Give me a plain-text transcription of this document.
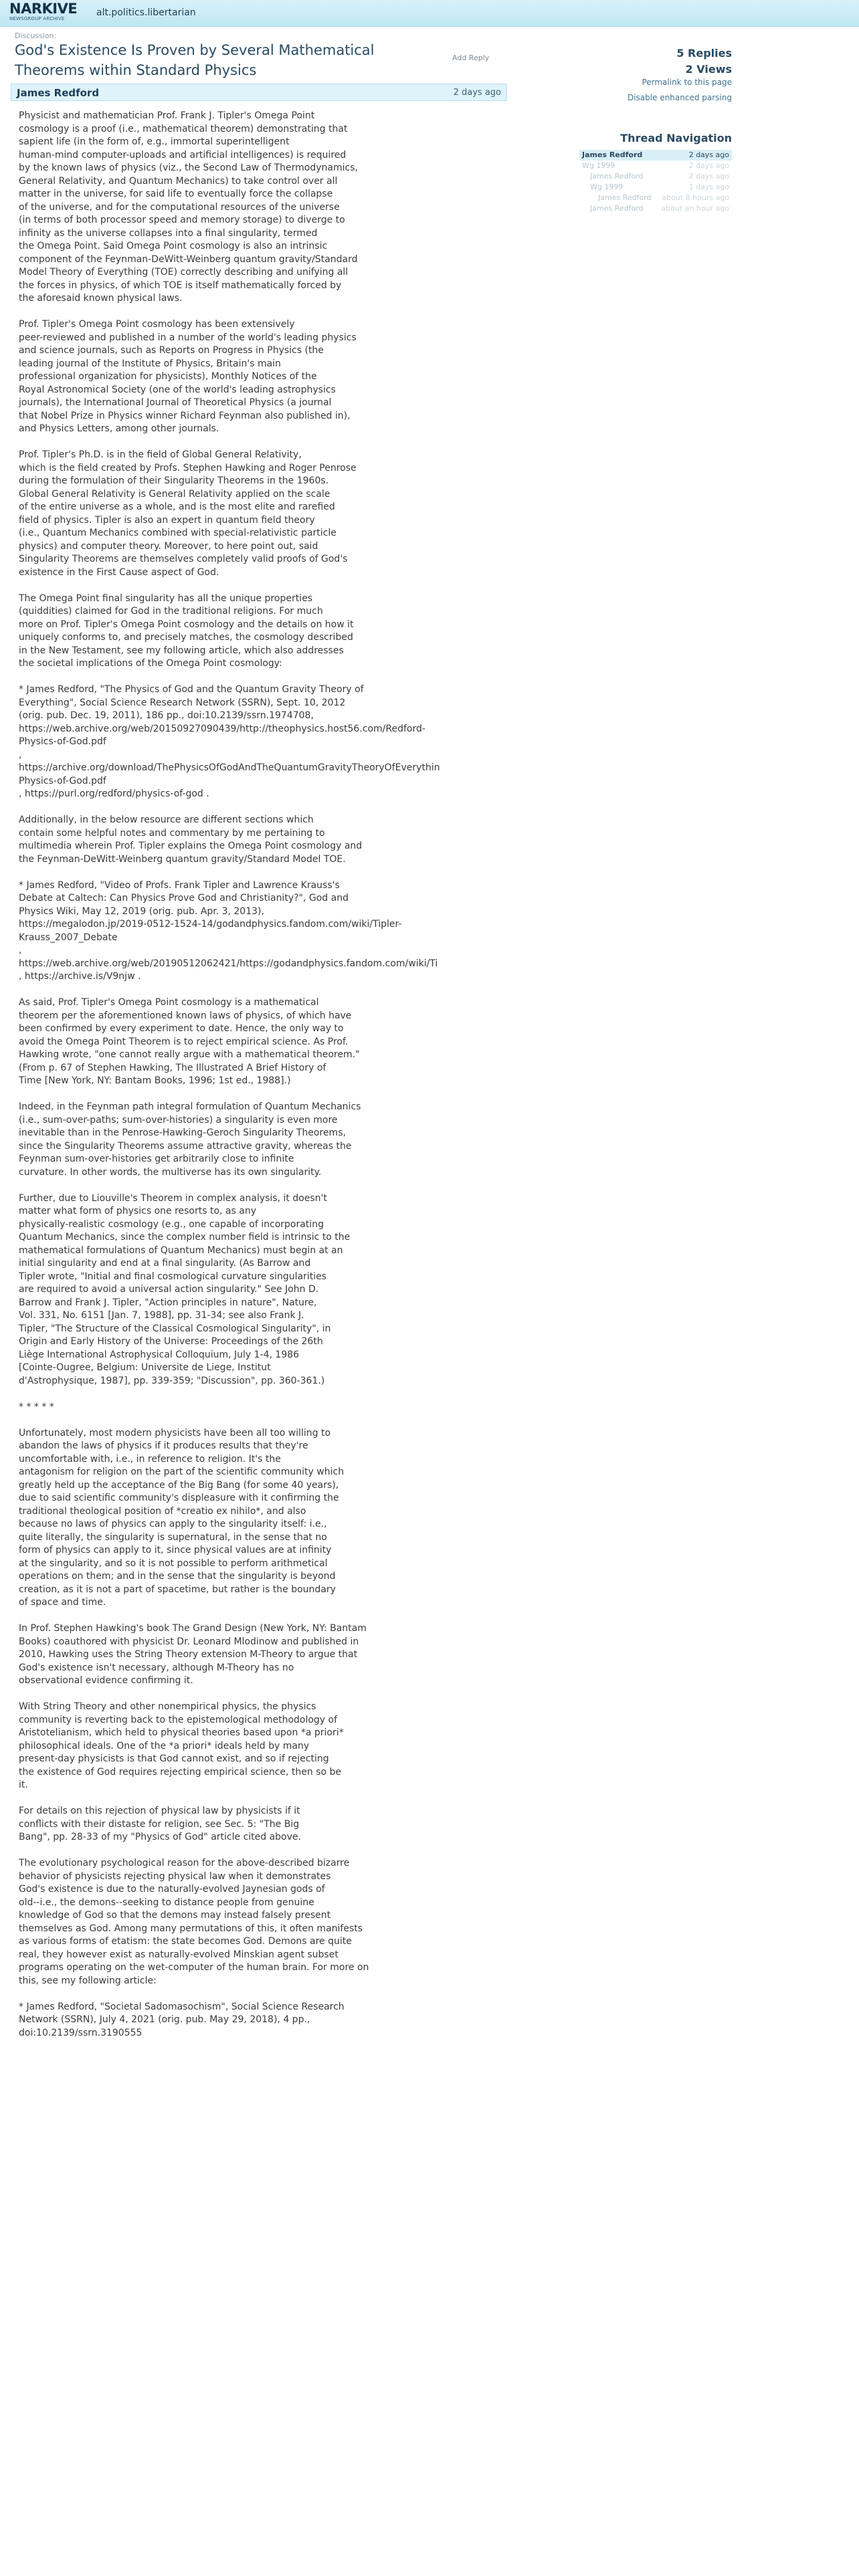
NARKIVE
NEWSGROUP ARCHIVE
alt.politics.libertarian
Discussion:
God's Existence Is Proven by Several Mathematical
Theorems within Standard Physics
Add Reply	5 Replies
2 Views
Permalink to this page
Disable enhanced parsing
Thread Navigation
James Redford	2 days ago
Wg 1999	2 days ago
James Redford	2 days ago
Wg 1999	1 days ago
James Redford about 8 hours ago
James Redford about an hour ago
James Redford	2 days ago
Physicist and mathematician Prof. Frank J. Tipler's Omega Point
cosmology is a proof (i.e., mathematical theorem) demonstrating that
sapient life (in the form of, e.g., immortal superintelligent
human-mind computer-uploads and artificial intelligences) is required
by the known laws of physics (viz., the Second Law of Thermodynamics,
General Relativity, and Quantum Mechanics) to take control over all
matter in the universe, for said life to eventually force the collapse
of the universe, and for the computational resources of the universe
(in terms of both processor speed and memory storage) to diverge to
infinity as the universe collapses into a final singularity, termed
the Omega Point. Said Omega Point cosmology is also an intrinsic
component of the Feynman-DeWitt-Weinberg quantum gravity/Standard
Model Theory of Everything (TOE) correctly describing and unifying all
the forces in physics, of which TOE is itself mathematically forced by
the aforesaid known physical laws.
Prof. Tipler's Omega Point cosmology has been extensively
peer-reviewed and published in a number of the world's leading physics
and science journals, such as Reports on Progress in Physics (the
leading journal of the Institute of Physics, Britain's main
professional organization for physicists), Monthly Notices of the
Royal Astronomical Society (one of the world's leading astrophysics
journals), the International Journal of Theoretical Physics (a journal
that Nobel Prize in Physics winner Richard Feynman also published in),
and Physics Letters, among other journals.
Prof. Tipler's Ph.D. is in the field of Global General Relativity,
which is the field created by Profs. Stephen Hawking and Roger Penrose
during the formulation of their Singularity Theorems in the 1960s.
Global General Relativity is General Relativity applied on the scale
of the entire universe as a whole, and is the most elite and rarefied
field of physics. Tipler is also an expert in quantum field theory
(i.e., Quantum Mechanics combined with special-relativistic particle
physics) and computer theory. Moreover, to here point out, said
Singularity Theorems are themselves completely valid proofs of God's
existence in the First Cause aspect of God.
The Omega Point final singularity has all the unique properties
(quiddities) claimed for God in the traditional religions. For much
more on Prof. Tipler's Omega Point cosmology and the details on how it
uniquely conforms to, and precisely matches, the cosmology described
in the New Testament, see my following article, which also addresses
the societal implications of the Omega Point cosmology:
* James Redford, "The Physics of God and the Quantum Gravity Theory of
Everything", Social Science Research Network (SSRN), Sept. 10, 2012
(orig. pub. Dec. 19, 2011), 186 pp., doi:10.2139/ssrn.1974708,
https://web.archive.org/web/20150927090439/http://theophysics.host56.com/Redford-
Physics-of-God.pdf
,
https://archive.org/download/ThePhysicsOfGodAndTheQuantumGravityTheoryOfEverythin
Physics-of-God.pdf
, https://purl.org/redford/physics-of-god .
Additionally, in the below resource are different sections which
contain some helpful notes and commentary by me pertaining to
multimedia wherein Prof. Tipler explains the Omega Point cosmology and
the Feynman-DeWitt-Weinberg quantum gravity/Standard Model TOE.
* James Redford, "Video of Profs. Frank Tipler and Lawrence Krauss's
Debate at Caltech: Can Physics Prove God and Christianity?", God and
Physics Wiki, May 12, 2019 (orig. pub. Apr. 3, 2013),
https://megalodon.jp/2019-0512-1524-14/godandphysics.fandom.com/wiki/Tipler-
Krauss_2007_Debate
,
https://web.archive.org/web/20190512062421/https://godandphysics.fandom.com/wiki/Ti
, https://archive.is/V9njw .
As said, Prof. Tipler's Omega Point cosmology is a mathematical
theorem per the aforementioned known laws of physics, of which have
been confirmed by every experiment to date. Hence, the only way to
avoid the Omega Point Theorem is to reject empirical science. As Prof.
Hawking wrote, "one cannot really argue with a mathematical theorem."
(From p. 67 of Stephen Hawking, The Illustrated A Brief History of
Time [New York, NY: Bantam Books, 1996; 1st ed., 1988].)
Indeed, in the Feynman path integral formulation of Quantum Mechanics
(i.e., sum-over-paths; sum-over-histories) a singularity is even more
inevitable than in the Penrose-Hawking-Geroch Singularity Theorems,
since the Singularity Theorems assume attractive gravity, whereas the
Feynman sum-over-histories get arbitrarily close to infinite
curvature. In other words, the multiverse has its own singularity.
Further, due to Liouville's Theorem in complex analysis, it doesn't
matter what form of physics one resorts to, as any
physically-realistic cosmology (e.g., one capable of incorporating
Quantum Mechanics, since the complex number field is intrinsic to the
mathematical formulations of Quantum Mechanics) must begin at an
initial singularity and end at a final singularity. (As Barrow and
Tipler wrote, "Initial and final cosmological curvature singularities
are required to avoid a universal action singularity." See John D.
Barrow and Frank J. Tipler, "Action principles in nature", Nature,
Vol. 331, No. 6151 [Jan. 7, 1988], pp. 31-34; see also Frank J.
Tipler, "The Structure of the Classical Cosmological Singularity", in
Origin and Early History of the Universe: Proceedings of the 26th
Liège International Astrophysical Colloquium, July 1-4, 1986
[Cointe-Ougree, Belgium: Universite de Liege, Institut
d'Astrophysique, 1987], pp. 339-359; "Discussion", pp. 360-361.)
* * * * *
Unfortunately, most modern physicists have been all too willing to
abandon the laws of physics if it produces results that they're
uncomfortable with, i.e., in reference to religion. It's the
antagonism for religion on the part of the scientific community which
greatly held up the acceptance of the Big Bang (for some 40 years),
due to said scientific community's displeasure with it confirming the
traditional theological position of *creatio ex nihilo*, and also
because no laws of physics can apply to the singularity itself: i.e.,
quite literally, the singularity is supernatural, in the sense that no
form of physics can apply to it, since physical values are at infinity
at the singularity, and so it is not possible to perform arithmetical
operations on them; and in the sense that the singularity is beyond
creation, as it is not a part of spacetime, but rather is the boundary
of space and time.
In Prof. Stephen Hawking's book The Grand Design (New York, NY: Bantam
Books) coauthored with physicist Dr. Leonard Mlodinow and published in
2010, Hawking uses the String Theory extension M-Theory to argue that
God's existence isn't necessary, although M-Theory has no
observational evidence confirming it.
With String Theory and other nonempirical physics, the physics
community is reverting back to the epistemological methodology of
Aristotelianism, which held to physical theories based upon *a priori*
philosophical ideals. One of the *a priori* ideals held by many
present-day physicists is that God cannot exist, and so if rejecting
the existence of God requires rejecting empirical science, then so be
it.
For details on this rejection of physical law by physicists if it
conflicts with their distaste for religion, see Sec. 5: "The Big
Bang", pp. 28-33 of my "Physics of God" article cited above.
The evolutionary psychological reason for the above-described bizarre
behavior of physicists rejecting physical law when it demonstrates
God's existence is due to the naturally-evolved Jaynesian gods of
old--i.e., the demons--seeking to distance people from genuine
knowledge of God so that the demons may instead falsely present
themselves as God. Among many permutations of this, it often manifests
as various forms of etatism: the state becomes God. Demons are quite
real, they however exist as naturally-evolved Minskian agent subset
programs operating on the wet-computer of the human brain. For more on
this, see my following article:
* James Redford, "Societal Sadomasochism", Social Science Research
Network (SSRN), July 4, 2021 (orig. pub. May 29, 2018), 4 pp.,
doi:10.2139/ssrn.3190555
